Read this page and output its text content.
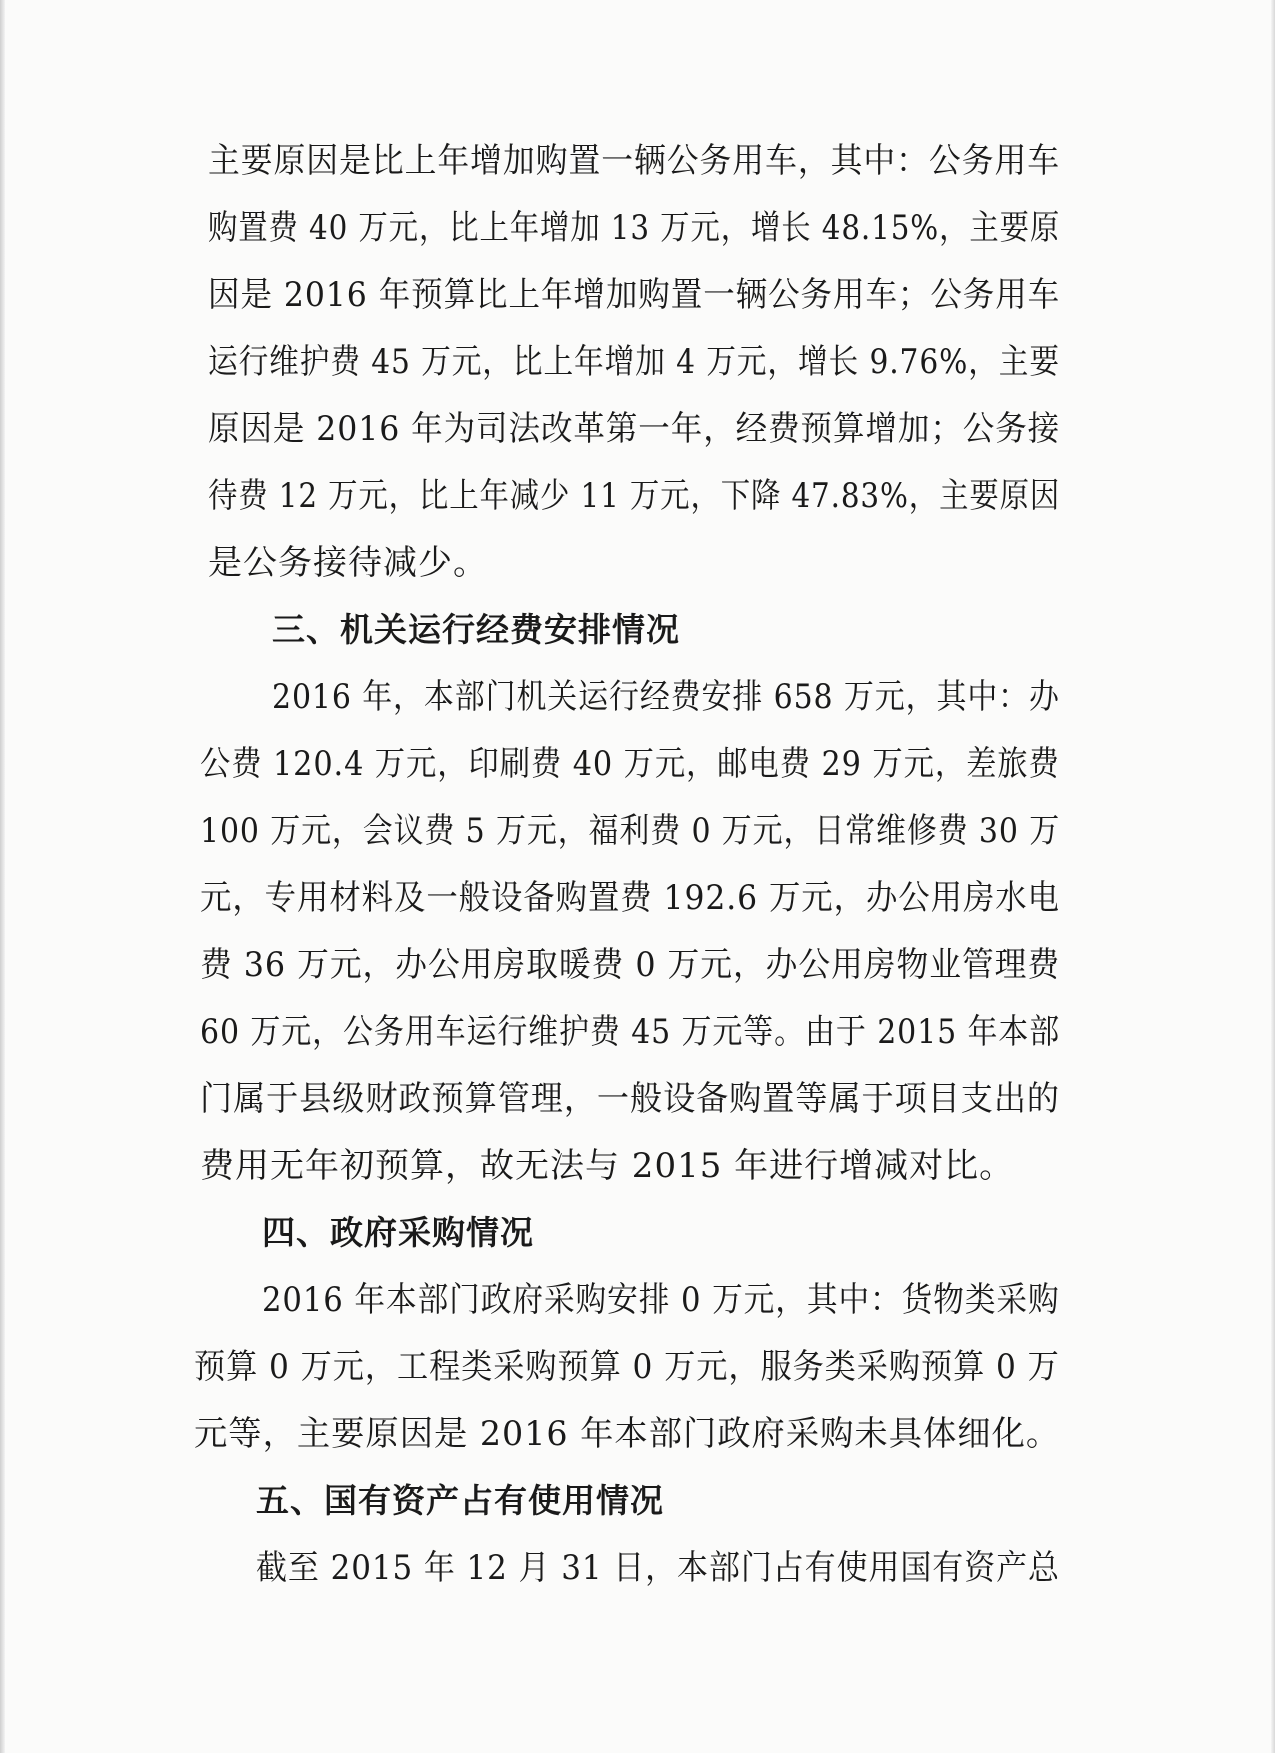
主要原因是比上年增加购置一辆公务用车，其中：公务用车
购置费 40 万元，比上年增加 13 万元，增长 48.15%，主要原
因是 2016 年预算比上年增加购置一辆公务用车；公务用车
运行维护费 45 万元，比上年增加 4 万元，增长 9.76%，主要
原因是 2016 年为司法改革第一年，经费预算增加；公务接
待费 12 万元，比上年减少 11 万元，下降 47.83%，主要原因
是公务接待减少。
三、机关运行经费安排情况
2016 年，本部门机关运行经费安排 658 万元，其中：办
公费 120.4 万元，印刷费 40 万元，邮电费 29 万元，差旅费
100 万元，会议费 5 万元，福利费 0 万元，日常维修费 30 万
元，专用材料及一般设备购置费 192.6 万元，办公用房水电
费 36 万元，办公用房取暖费 0 万元，办公用房物业管理费
60 万元，公务用车运行维护费 45 万元等。由于 2015 年本部
门属于县级财政预算管理，一般设备购置等属于项目支出的
费用无年初预算，故无法与 2015 年进行增减对比。
四、政府采购情况
2016 年本部门政府采购安排 0 万元，其中：货物类采购
预算 0 万元，工程类采购预算 0 万元，服务类采购预算 0 万
元等，主要原因是 2016 年本部门政府采购未具体细化。
五、国有资产占有使用情况
截至 2015 年 12 月 31 日，本部门占有使用国有资产总
